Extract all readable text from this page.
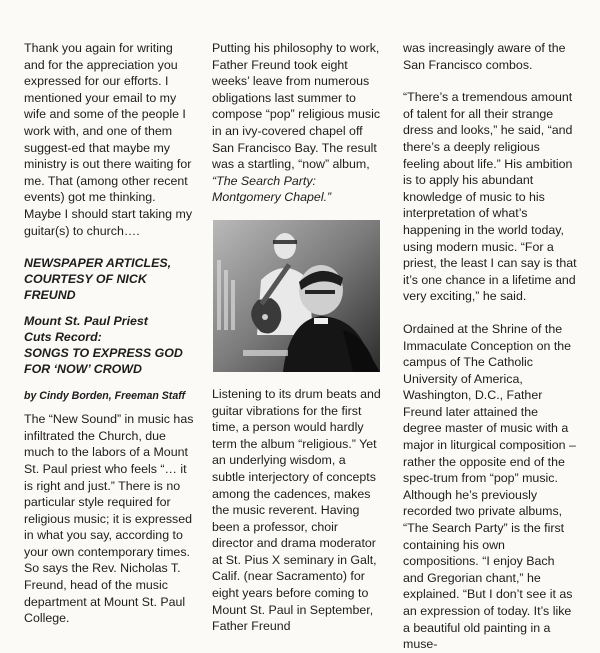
Thank you again for writing and for the appreciation you expressed for our efforts. I mentioned your email to my wife and some of the people I work with, and one of them suggest-ed that maybe my ministry is out there waiting for me. That (among other recent events) got me thinking. Maybe I should start taking my guitar(s) to church….

NEWSPAPER ARTICLES,
COURTESY OF NICK FREUND

Mount St. Paul Priest
Cuts Record:
SONGS TO EXPRESS GOD
FOR ‘NOW’ CROWD

by Cindy Borden, Freeman Staff

The “New Sound” in music has infiltrated the Church, due much to the labors of a Mount St. Paul priest who feels “… it is right and just.” There is no particular style required for religious music; it is expressed in what you say, according to your own contemporary times. So says the Rev. Nicholas T. Freund, head of the music department at Mount St. Paul College.

Putting his philosophy to work, Father Freund took eight weeks’ leave from numerous obligations last summer to compose “pop” religious music in an ivy-covered chapel off San Francisco Bay. The result was a startling, “now” album, “The Search Party: Montgomery Chapel.”

Listening to its drum beats and guitar vibrations for the first time, a person would hardly term the album “religious.” Yet an underlying wisdom, a subtle interjectory of concepts among the cadences, makes the music reverent. Having been a professor, choir director and drama moderator at St. Pius X seminary in Galt, Calif. (near Sacramento) for eight years before coming to Mount St. Paul in September, Father Freund

was increasingly aware of the San Francisco combos.

“There’s a tremendous amount of talent for all their strange dress and looks,” he said, “and there’s a deeply religious feeling about life.” His ambition is to apply his abundant knowledge of music to his interpretation of what’s happening in the world today, using modern music. “For a priest, the least I can say is that it’s one chance in a lifetime and very exciting,” he said.

Ordained at the Shrine of the Immaculate Conception on the campus of The Catholic University of America, Washington, D.C., Father Freund later attained the degree master of music with a major in liturgical composition – rather the opposite end of the spec-trum from “pop” music. Although he’s previously recorded two private albums, “The Search Party” is the first containing his own compositions. “I enjoy Bach and Gregorian chant,” he explained. “But I don’t see it as an expression of today. It’s like a beautiful old painting in a muse-
